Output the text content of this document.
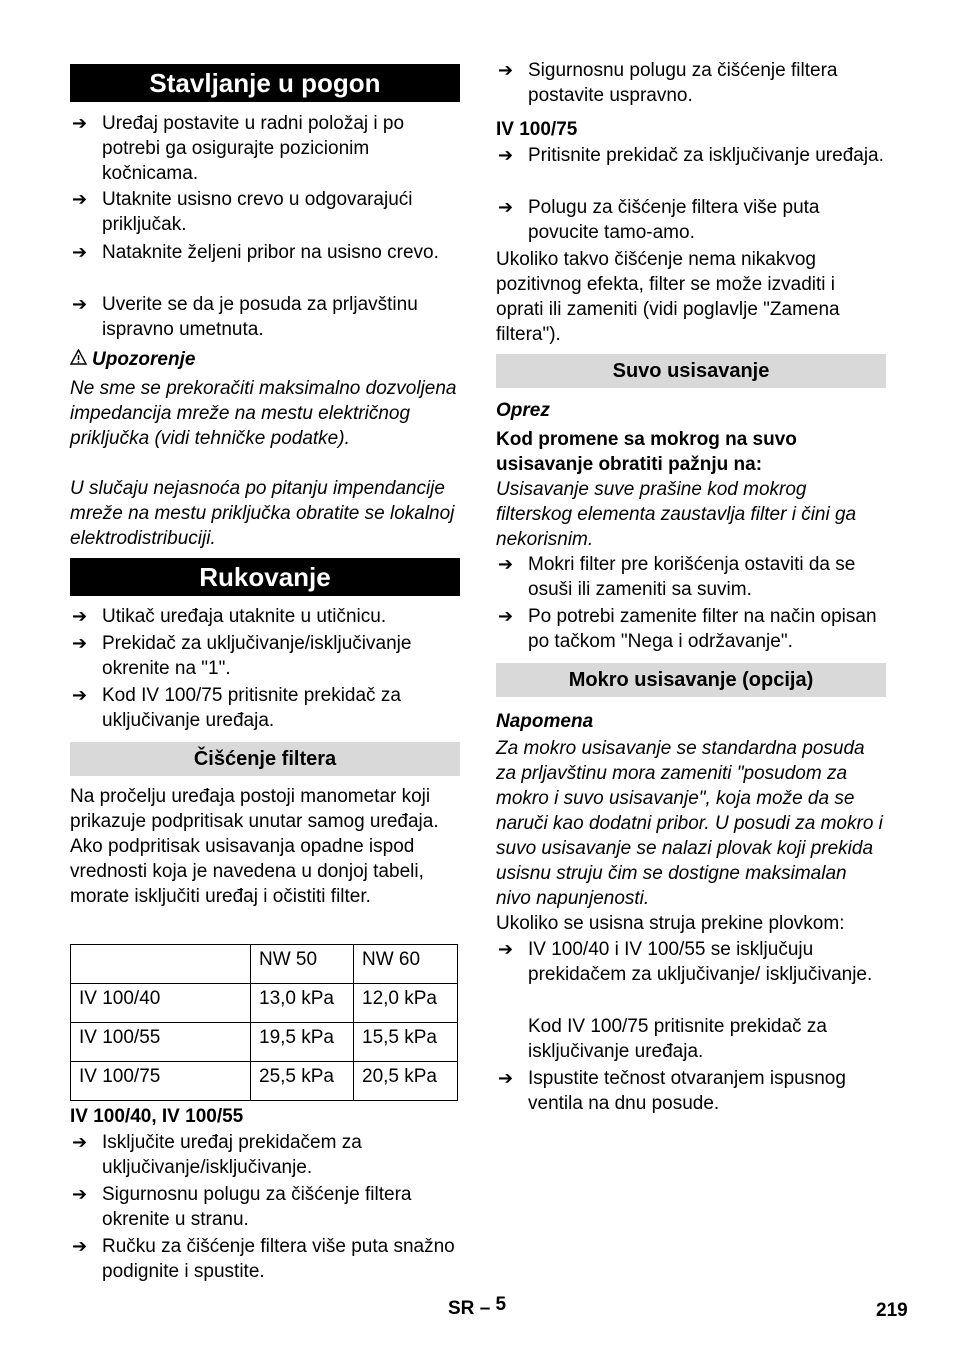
Stavljanje u pogon
➔ Uređaj postavite u radni položaj i po potrebi ga osigurajte pozicionim kočnicama.
➔ Utaknite usisno crevo u odgovarajući priključak.
➔ Nataknite željeni pribor na usisno crevo.
➔ Uverite se da je posuda za prljavštinu ispravno umetnuta.
Upozorenje
Ne sme se prekoračiti maksimalno dozvoljena impedancija mreže na mestu električnog priključka (vidi tehničke podatke).
U slučaju nejasnoća po pitanju impendancije mreže na mestu priključka obratite se lokalnoj elektrodistribuciji.
Rukovanje
➔ Utikač uređaja utaknite u utičnicu.
➔ Prekidač za uključivanje/isključivanje okrenite na "1".
➔ Kod IV 100/75 pritisnite prekidač za uključivanje uređaja.
Čišćenje filtera
Na pročelju uređaja postoji manometar koji prikazuje podpritisak unutar samog uređaja. Ako podpritisak usisavanja opadne ispod vrednosti koja je navedena u donjoj tabeli, morate isključiti uređaj i očistiti filter.
	NW 50	NW 60
IV 100/40	13,0 kPa	12,0 kPa
IV 100/55	19,5 kPa	15,5 kPa
IV 100/75	25,5 kPa	20,5 kPa
IV 100/40, IV 100/55
➔ Isključite uređaj prekidačem za uključivanje/isključivanje.
➔ Sigurnosnu polugu za čišćenje filtera okrenite u stranu.
➔ Ručku za čišćenje filtera više puta snažno podignite i spustite.
➔ Sigurnosnu polugu za čišćenje filtera postavite uspravno.
IV 100/75
➔ Pritisnite prekidač za isključivanje uređaja.
➔ Polugu za čišćenje filtera više puta povucite tamo-amo.
Ukoliko takvo čišćenje nema nikakvog pozitivnog efekta, filter se može izvaditi i oprati ili zameniti (vidi poglavlje "Zamena filtera").
Suvo usisavanje
Oprez
Kod promene sa mokrog na suvo usisavanje obratiti pažnju na:
Usisavanje suve prašine kod mokrog filterskog elementa zaustavlja filter i čini ga nekorisnim.
➔ Mokri filter pre korišćenja ostaviti da se osuši ili zameniti sa suvim.
➔ Po potrebi zamenite filter na način opisan po tačkom "Nega i održavanje".
Mokro usisavanje (opcija)
Napomena
Za mokro usisavanje se standardna posuda za prljavštinu mora zameniti "posudom za mokro i suvo usisavanje", koja može da se naruči kao dodatni pribor. U posudi za mokro i suvo usisavanje se nalazi plovak koji prekida usisnu struju čim se dostigne maksimalan nivo napunjenosti.
Ukoliko se usisna struja prekine plovkom:
➔ IV 100/40 i IV 100/55 se isključuju prekidačem za uključivanje/ isključivanje.
Kod IV 100/75 pritisnite prekidač za isključivanje uređaja.
➔ Ispustite tečnost otvaranjem ispusnog ventila na dnu posude.
SR – 5	219
